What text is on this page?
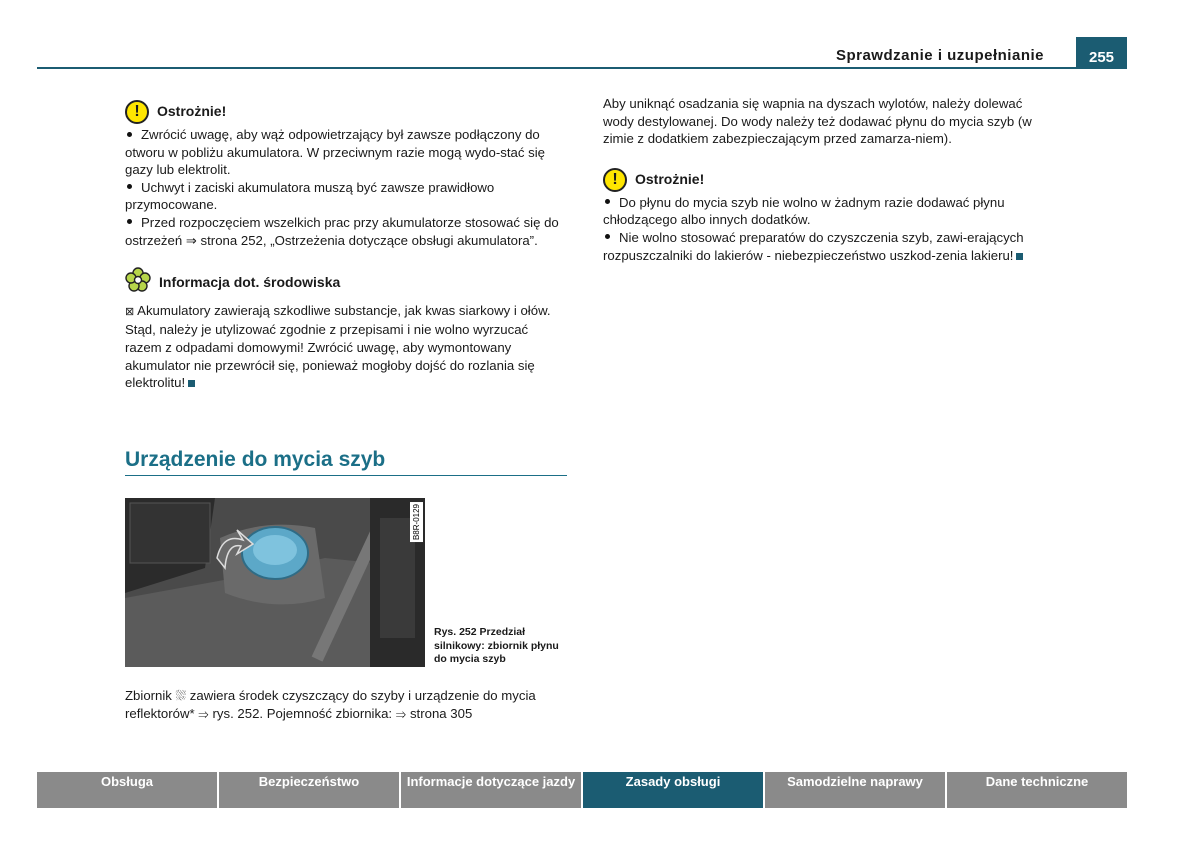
Sprawdzanie i uzupełnianie	255
!	Ostrożnie!

Zwrócić uwagę, aby wąż odpowietrzający był zawsze podłączony do otworu w pobliżu akumulatora. W przeciwnym razie mogą wydo-stać się gazy lub elektrolit.

Uchwyt i zaciski akumulatora muszą być zawsze prawidłowo przymocowane.

Przed rozpoczęciem wszelkich prac przy akumulatorze stosować się do ostrzeżeń ⇒ strona 252, „Ostrzeżenia dotyczące obsługi akumulatora”.

Informacja dot. środowiska

⊠ Akumulatory zawierają szkodliwe substancje, jak kwas siarkowy i ołów. Stąd, należy je utylizować zgodnie z przepisami i nie wolno wyrzucać razem z odpadami domowymi! Zwrócić uwagę, aby wymontowany akumulator nie przewrócił się, ponieważ mogłoby dojść do rozlania się elektrolitu!

Urządzenie do mycia szyb
B8R-0129
Rys. 252 Przedział silnikowy: zbiornik płynu do mycia szyb
Zbiornik ⛆ zawiera środek czyszczący do szyby i urządzenie do mycia reflektorów* ⇒ rys. 252. Pojemność zbiornika: ⇒ strona 305

Aby uniknąć osadzania się wapnia na dyszach wylotów, należy dolewać wody destylowanej. Do wody należy też dodawać płynu do mycia szyb (w zimie z dodatkiem zabezpieczającym przed zamarza-niem).

!	Ostrożnie!

Do płynu do mycia szyb nie wolno w żadnym razie dodawać płynu chłodzącego albo innych dodatków.

Nie wolno stosować preparatów do czyszczenia szyb, zawi-erających rozpuszczalniki do lakierów - niebezpieczeństwo uszkod-zenia lakieru!

Obsługa	Bezpieczeństwo	Informacje dotyczące jazdy	Zasady obsługi	Samodzielne naprawy	Dane techniczne
